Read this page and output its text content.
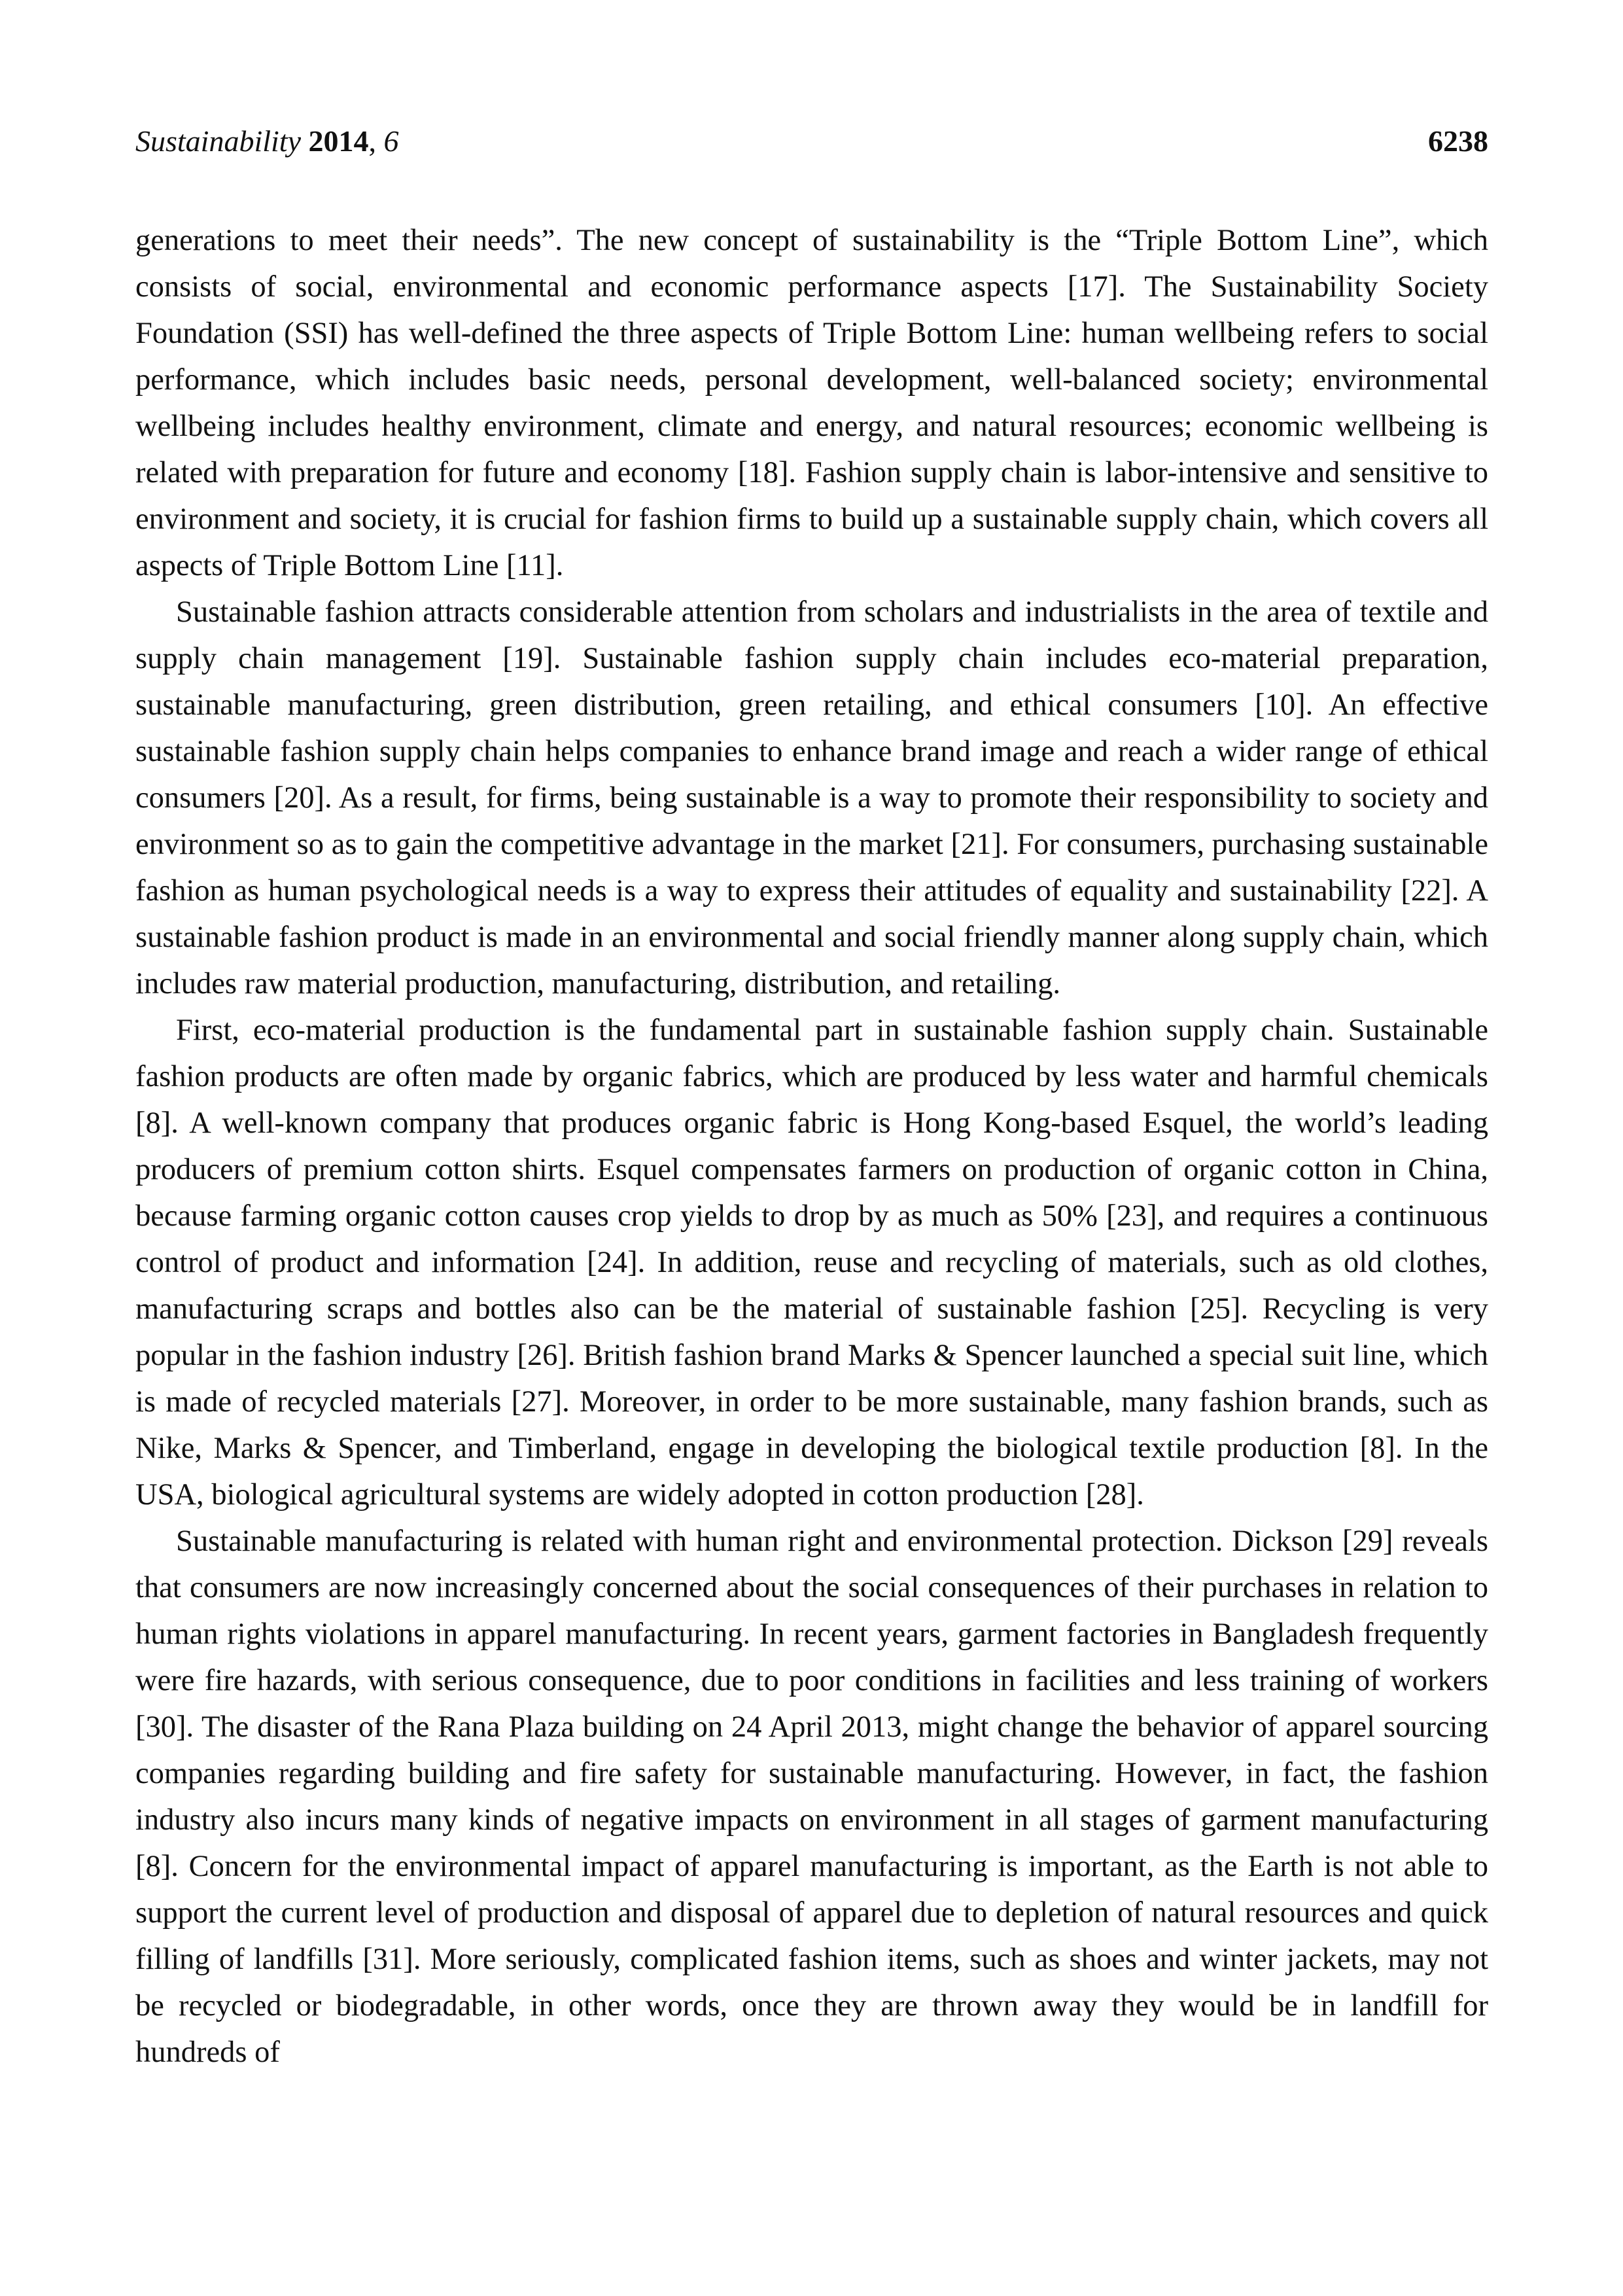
Sustainability 2014, 6	6238

generations to meet their needs”. The new concept of sustainability is the “Triple Bottom Line”, which consists of social, environmental and economic performance aspects [17]. The Sustainability Society Foundation (SSI) has well-defined the three aspects of Triple Bottom Line: human wellbeing refers to social performance, which includes basic needs, personal development, well-balanced society; environmental wellbeing includes healthy environment, climate and energy, and natural resources; economic wellbeing is related with preparation for future and economy [18]. Fashion supply chain is labor-intensive and sensitive to environment and society, it is crucial for fashion firms to build up a sustainable supply chain, which covers all aspects of Triple Bottom Line [11].

Sustainable fashion attracts considerable attention from scholars and industrialists in the area of textile and supply chain management [19]. Sustainable fashion supply chain includes eco-material preparation, sustainable manufacturing, green distribution, green retailing, and ethical consumers [10]. An effective sustainable fashion supply chain helps companies to enhance brand image and reach a wider range of ethical consumers [20]. As a result, for firms, being sustainable is a way to promote their responsibility to society and environment so as to gain the competitive advantage in the market [21]. For consumers, purchasing sustainable fashion as human psychological needs is a way to express their attitudes of equality and sustainability [22]. A sustainable fashion product is made in an environmental and social friendly manner along supply chain, which includes raw material production, manufacturing, distribution, and retailing.

First, eco-material production is the fundamental part in sustainable fashion supply chain. Sustainable fashion products are often made by organic fabrics, which are produced by less water and harmful chemicals [8]. A well-known company that produces organic fabric is Hong Kong-based Esquel, the world’s leading producers of premium cotton shirts. Esquel compensates farmers on production of organic cotton in China, because farming organic cotton causes crop yields to drop by as much as 50% [23], and requires a continuous control of product and information [24]. In addition, reuse and recycling of materials, such as old clothes, manufacturing scraps and bottles also can be the material of sustainable fashion [25]. Recycling is very popular in the fashion industry [26]. British fashion brand Marks & Spencer launched a special suit line, which is made of recycled materials [27]. Moreover, in order to be more sustainable, many fashion brands, such as Nike, Marks & Spencer, and Timberland, engage in developing the biological textile production [8]. In the USA, biological agricultural systems are widely adopted in cotton production [28].

Sustainable manufacturing is related with human right and environmental protection. Dickson [29] reveals that consumers are now increasingly concerned about the social consequences of their purchases in relation to human rights violations in apparel manufacturing. In recent years, garment factories in Bangladesh frequently were fire hazards, with serious consequence, due to poor conditions in facilities and less training of workers [30]. The disaster of the Rana Plaza building on 24 April 2013, might change the behavior of apparel sourcing companies regarding building and fire safety for sustainable manufacturing. However, in fact, the fashion industry also incurs many kinds of negative impacts on environment in all stages of garment manufacturing [8]. Concern for the environmental impact of apparel manufacturing is important, as the Earth is not able to support the current level of production and disposal of apparel due to depletion of natural resources and quick filling of landfills [31]. More seriously, complicated fashion items, such as shoes and winter jackets, may not be recycled or biodegradable, in other words, once they are thrown away they would be in landfill for hundreds of
